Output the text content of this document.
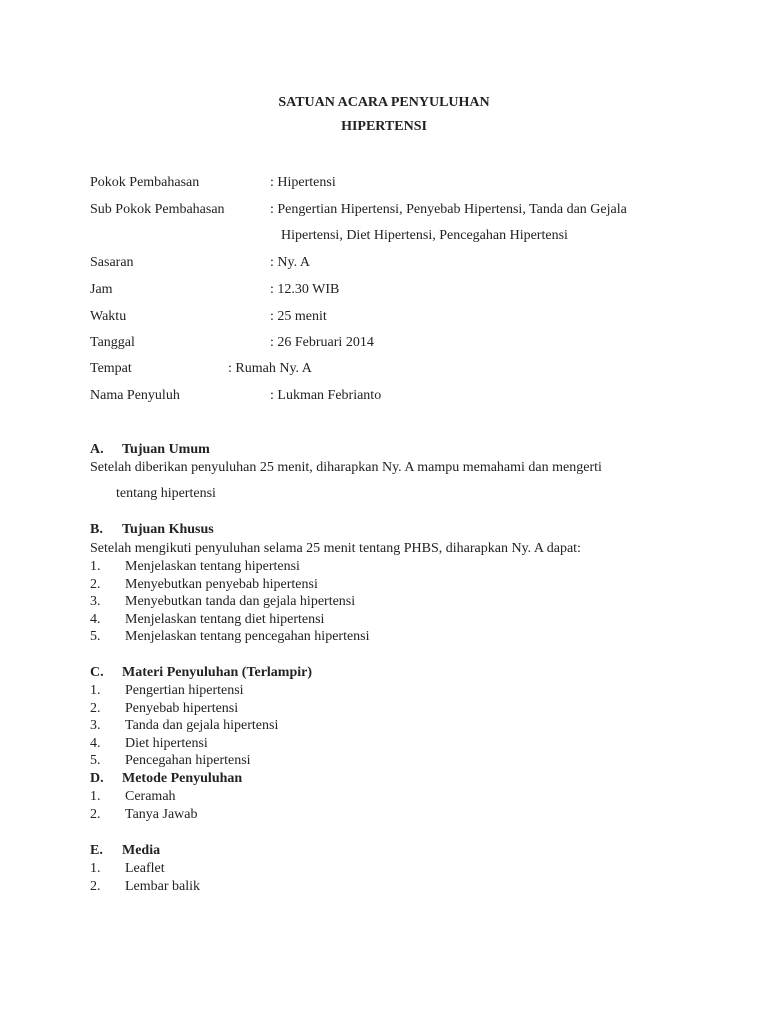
SATUAN ACARA PENYULUHAN
HIPERTENSI
Pokok Pembahasan	: Hipertensi
Sub Pokok Pembahasan	: Pengertian Hipertensi, Penyebab Hipertensi, Tanda dan Gejala
Hipertensi, Diet Hipertensi, Pencegahan Hipertensi
Sasaran	: Ny. A
Jam	: 12.30 WIB
Waktu	: 25 menit
Tanggal	: 26 Februari 2014
Tempat	: Rumah Ny. A
Nama Penyuluh	: Lukman Febrianto
A. Tujuan Umum
Setelah diberikan penyuluhan 25 menit, diharapkan Ny. A mampu memahami dan mengerti
tentang hipertensi
B. Tujuan Khusus
Setelah mengikuti penyuluhan selama 25 menit tentang PHBS, diharapkan Ny. A dapat:
1. Menjelaskan tentang hipertensi
2. Menyebutkan penyebab hipertensi
3. Menyebutkan tanda dan gejala hipertensi
4. Menjelaskan tentang diet hipertensi
5. Menjelaskan tentang pencegahan hipertensi
C. Materi Penyuluhan (Terlampir)
1. Pengertian hipertensi
2. Penyebab hipertensi
3. Tanda dan gejala hipertensi
4. Diet hipertensi
5. Pencegahan hipertensi
D. Metode Penyuluhan
1. Ceramah
2. Tanya Jawab
E. Media
1. Leaflet
2. Lembar balik
